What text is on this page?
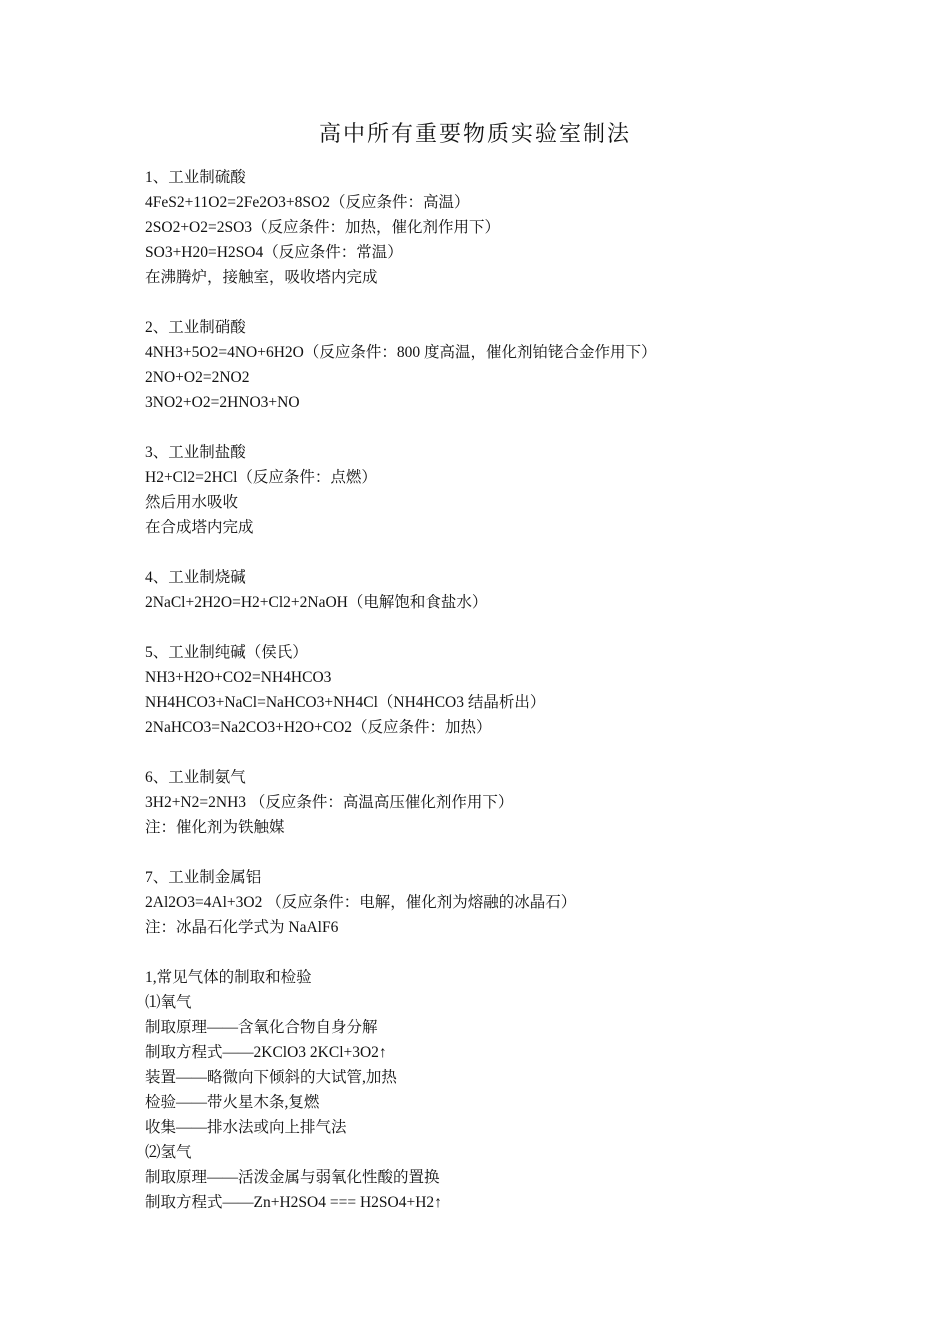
高中所有重要物质实验室制法
1、工业制硫酸
4FeS2+11O2=2Fe2O3+8SO2（反应条件：高温）
2SO2+O2=2SO3（反应条件：加热，催化剂作用下）
SO3+H20=H2SO4（反应条件：常温）
在沸腾炉，接触室，吸收塔内完成
2、工业制硝酸
4NH3+5O2=4NO+6H2O（反应条件：800 度高温，催化剂铂铑合金作用下）
2NO+O2=2NO2
3NO2+O2=2HNO3+NO
3、工业制盐酸
H2+Cl2=2HCl（反应条件：点燃）
然后用水吸收
在合成塔内完成
4、工业制烧碱
2NaCl+2H2O=H2+Cl2+2NaOH（电解饱和食盐水）
5、工业制纯碱（侯氏）
NH3+H2O+CO2=NH4HCO3
NH4HCO3+NaCl=NaHCO3+NH4Cl（NH4HCO3 结晶析出）
2NaHCO3=Na2CO3+H2O+CO2（反应条件：加热）
6、工业制氨气
3H2+N2=2NH3 （反应条件：高温高压催化剂作用下）
注：催化剂为铁触媒
7、工业制金属铝
2Al2O3=4Al+3O2 （反应条件：电解，催化剂为熔融的冰晶石）
注：冰晶石化学式为 NaAlF6
1,常见气体的制取和检验
⑴氧气
制取原理——含氧化合物自身分解
制取方程式——2KClO3 2KCl+3O2↑
装置——略微向下倾斜的大试管,加热
检验——带火星木条,复燃
收集——排水法或向上排气法
⑵氢气
制取原理——活泼金属与弱氧化性酸的置换
制取方程式——Zn+H2SO4 === H2SO4+H2↑
